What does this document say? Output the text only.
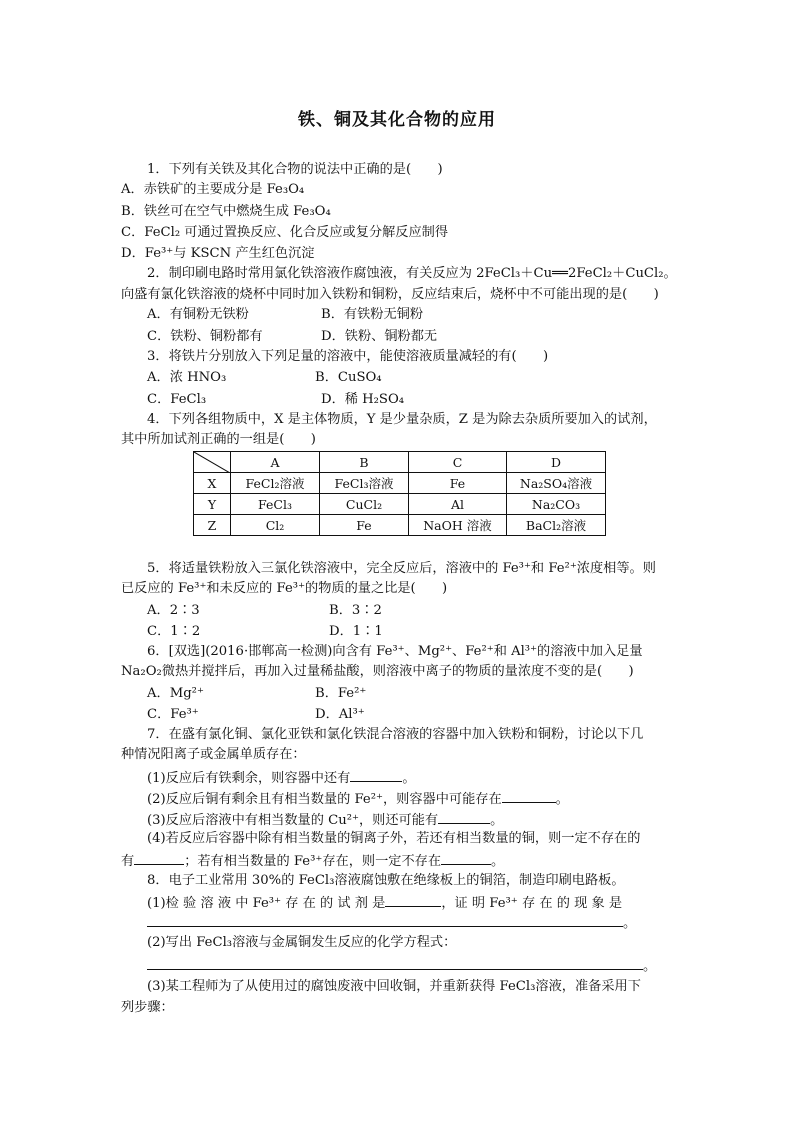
铁、铜及其化合物的应用
1．下列有关铁及其化合物的说法中正确的是(　　)
A．赤铁矿的主要成分是 Fe₃O₄
B．铁丝可在空气中燃烧生成 Fe₃O₄
C．FeCl₂ 可通过置换反应、化合反应或复分解反应制得
D．Fe³⁺与 KSCN 产生红色沉淀
2．制印刷电路时常用氯化铁溶液作腐蚀液，有关反应为 2FeCl₃＋Cu══2FeCl₂＋CuCl₂。
向盛有氯化铁溶液的烧杯中同时加入铁粉和铜粉，反应结束后，烧杯中不可能出现的是(　　)
A．有铜粉无铁粉	B．有铁粉无铜粉
C．铁粉、铜粉都有	D．铁粉、铜粉都无
3．将铁片分别放入下列足量的溶液中，能使溶液质量减轻的有(　　)
A．浓 HNO₃	B．CuSO₄
C．FeCl₃	D．稀 H₂SO₄
4．下列各组物质中，X 是主体物质，Y 是少量杂质，Z 是为除去杂质所要加入的试剂，
其中所加试剂正确的一组是(　　)
	A	B	C	D
X	FeCl₂溶液	FeCl₃溶液	Fe	Na₂SO₄溶液
Y	FeCl₃	CuCl₂	Al	Na₂CO₃
Z	Cl₂	Fe	NaOH 溶液	BaCl₂溶液
5．将适量铁粉放入三氯化铁溶液中，完全反应后，溶液中的 Fe³⁺和 Fe²⁺浓度相等。则
已反应的 Fe³⁺和未反应的 Fe³⁺的物质的量之比是(　　)
A．2∶3	B．3∶2
C．1∶2	D．1∶1
6．[双选](2016·邯郸高一检测)向含有 Fe³⁺、Mg²⁺、Fe²⁺和 Al³⁺的溶液中加入足量
Na₂O₂微热并搅拌后，再加入过量稀盐酸，则溶液中离子的物质的量浓度不变的是(　　)
A．Mg²⁺	B．Fe²⁺
C．Fe³⁺	D．Al³⁺
7．在盛有氯化铜、氯化亚铁和氯化铁混合溶液的容器中加入铁粉和铜粉，讨论以下几
种情况阳离子或金属单质存在：
(1)反应后有铁剩余，则容器中还有	。
(2)反应后铜有剩余且有相当数量的 Fe²⁺，则容器中可能存在	。
(3)反应后溶液中有相当数量的 Cu²⁺，则还可能有	。
(4)若反应后容器中除有相当数量的铜离子外，若还有相当数量的铜，则一定不存在的
有	；若有相当数量的 Fe³⁺存在，则一定不存在	。
8．电子工业常用 30%的 FeCl₃溶液腐蚀敷在绝缘板上的铜箔，制造印刷电路板。
(1)检 验 溶 液 中 Fe³⁺ 存 在 的 试 剂 是	，证 明 Fe³⁺ 存 在 的 现 象 是
。
(2)写出 FeCl₃溶液与金属铜发生反应的化学方程式：
。
(3)某工程师为了从使用过的腐蚀废液中回收铜，并重新获得 FeCl₃溶液，准备采用下
列步骤：
